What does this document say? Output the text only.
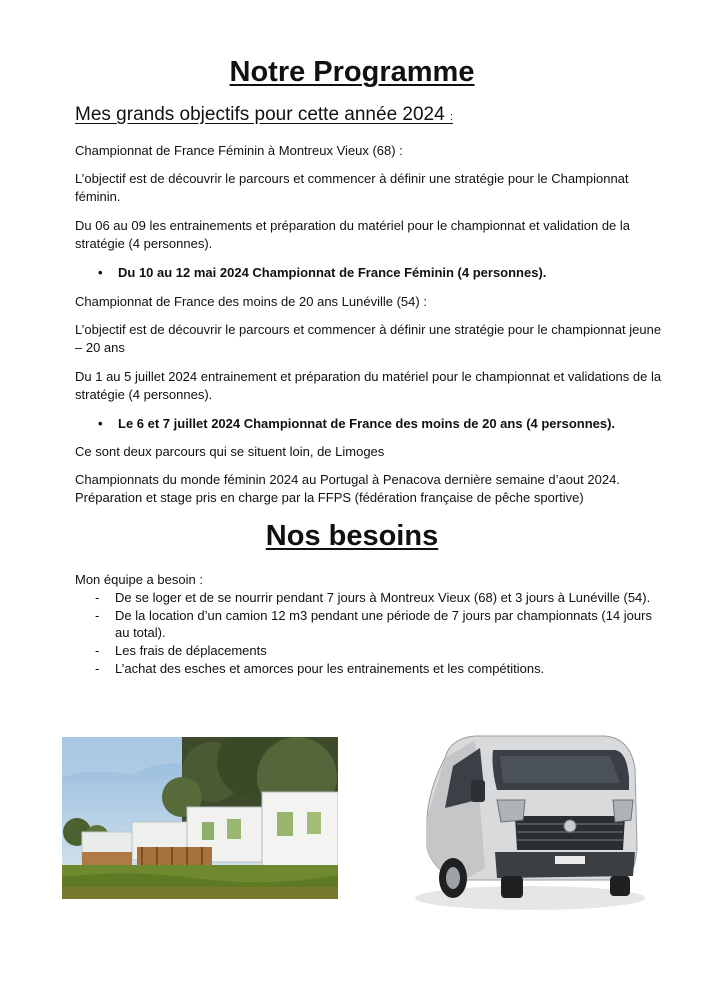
Notre Programme
Mes grands objectifs pour cette année 2024 :
Championnat de France Féminin à Montreux Vieux (68) :
L’objectif est de découvrir le parcours et commencer à définir une stratégie pour le Championnat féminin.
Du 06 au 09 les entrainements et préparation du matériel pour le championnat et validation de la stratégie (4 personnes).
• Du 10 au 12 mai 2024 Championnat de France Féminin (4 personnes).
Championnat de France des moins de 20 ans Lunéville (54) :
L’objectif est de découvrir le parcours et commencer à définir une stratégie pour le championnat jeune – 20 ans
Du 1 au 5 juillet 2024 entrainement et préparation du matériel pour le championnat et validations de la stratégie (4 personnes).
• Le 6 et 7 juillet 2024 Championnat de France des moins de 20 ans (4 personnes).
Ce sont deux parcours qui se situent loin, de Limoges
Championnats du monde féminin 2024 au Portugal à Penacova dernière semaine d’aout 2024. Préparation et stage pris en charge par la FFPS (fédération française de pêche sportive)
Nos besoins
Mon équipe a besoin :
- De se loger et de se nourrir pendant 7 jours à Montreux Vieux (68) et 3 jours à Lunéville (54).
- De la location d’un camion 12 m3 pendant une période de 7 jours par championnats (14 jours au total).
- Les frais de déplacements
- L’achat des esches et amorces pour les entrainements et les compétitions.
